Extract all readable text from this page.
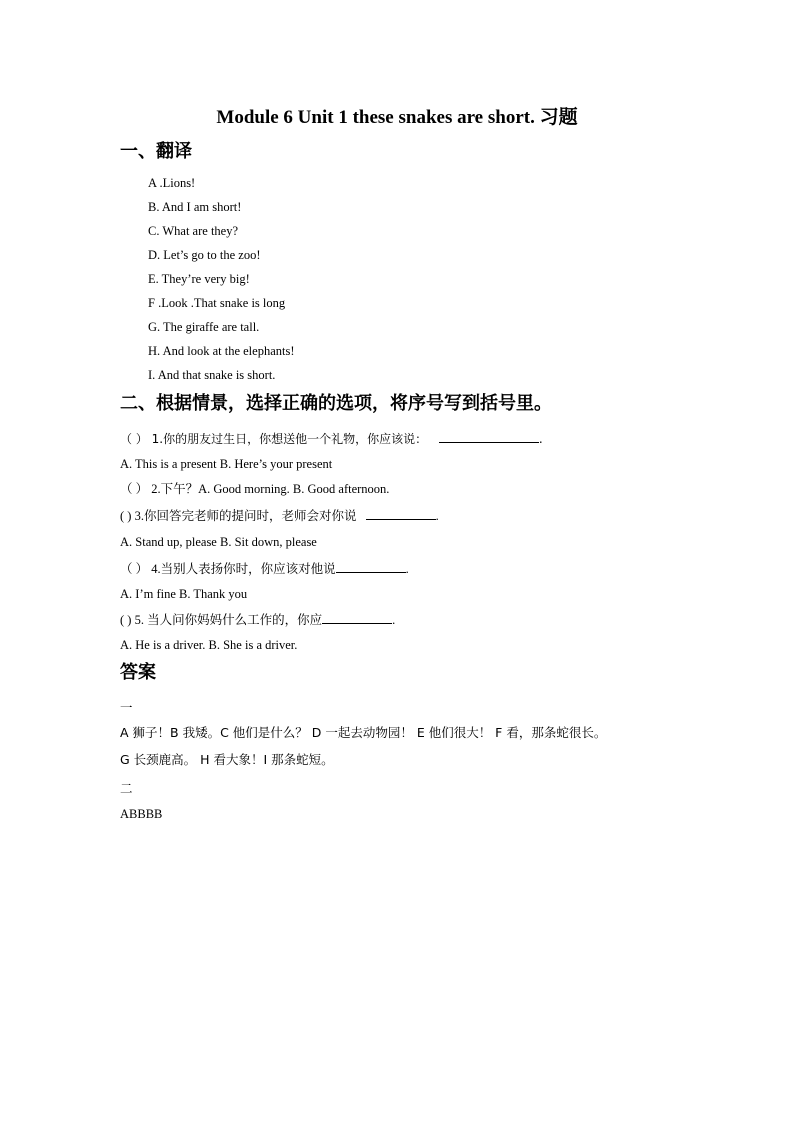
Module 6 Unit 1 these snakes are short. 习题
一、翻译
A .Lions!
B. And I am short!
C. What are they?
D. Let’s go to the zoo!
E. They’re very big!
F .Look .That snake is long
G. The giraffe are tall.
H. And look at the elephants!
I. And that snake is short.
二、根据情景，选择正确的选项，将序号写到括号里。
（ ） 1.你的朋友过生日，你想送他一个礼物，你应该说：	.
A. This is a present B. Here’s your present
（ ） 2.下午？A. Good morning. B. Good afternoon.
( ) 3.你回答完老师的提问时，老师会对你说	.
A. Stand up, please B. Sit down, please
（ ） 4.当别人表扬你时，你应该对他说	.
A. I’m fine B. Thank you
( ) 5. 当人问你妈妈什么工作的，你应	.
A. He is a driver. B. She is a driver.
答案
一
A 狮子！B 我矮。C 他们是什么？ D 一起去动物园！ E 他们很大！ F 看，那条蛇很长。
G 长颈鹿高。 H 看大象！I 那条蛇短。
二
ABBBB
